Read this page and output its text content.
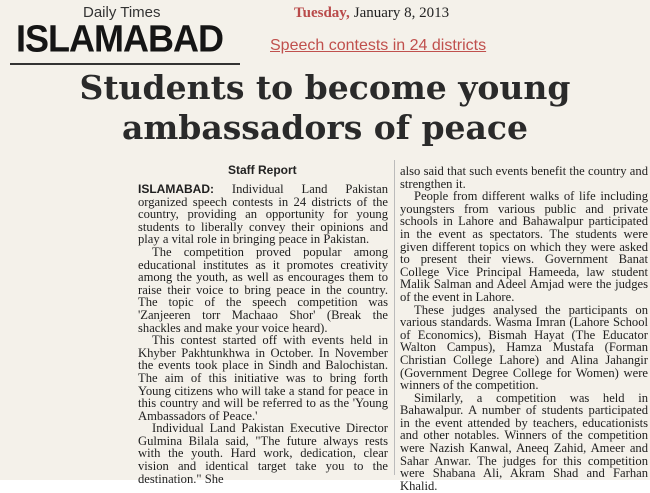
Daily Times
ISLAMABAD
Tuesday, January 8, 2013
Speech contests in 24 districts
Students to become young
ambassadors of peace
Staff Report

ISLAMABAD: Individual Land Pakistan organized speech contests in 24 districts of the country, providing an opportunity for young students to liberally convey their opinions and play a vital role in bringing peace in Pakistan.

The competition proved popular among educational institutes as it promotes creativity among the youth, as well as encourages them to raise their voice to bring peace in the country. The topic of the speech competition was 'Zanjeeren torr Machaao Shor' (Break the shackles and make your voice heard).

This contest started off with events held in Khyber Pakhtunkhwa in October. In November the events took place in Sindh and Balochistan. The aim of this initiative was to bring forth Young citizens who will take a stand for peace in this country and will be referred to as the 'Young Ambassadors of Peace.'

Individual Land Pakistan Executive Director Gulmina Bilala said, "The future always rests with the youth. Hard work, dedication, clear vision and identical target take you to the destination." She

also said that such events benefit the country and strengthen it.

People from different walks of life including youngsters from various public and private schools in Lahore and Bahawalpur participated in the event as spectators. The students were given different topics on which they were asked to present their views. Government Banat College Vice Principal Hameeda, law student Malik Salman and Adeel Amjad were the judges of the event in Lahore.

These judges analysed the participants on various standards. Wasma Imran (Lahore School of Economics), Bismah Hayat (The Educator Walton Campus), Hamza Mustafa (Forman Christian College Lahore) and Alina Jahangir (Government Degree College for Women) were winners of the competition.

Similarly, a competition was held in Bahawalpur. A number of students participated in the event attended by teachers, educationists and other notables. Winners of the competition were Nazish Kanwal, Aneeq Zahid, Ameer and Sahar Anwar. The judges for this competition were Shabana Ali, Akram Shad and Farhan Khalid.
